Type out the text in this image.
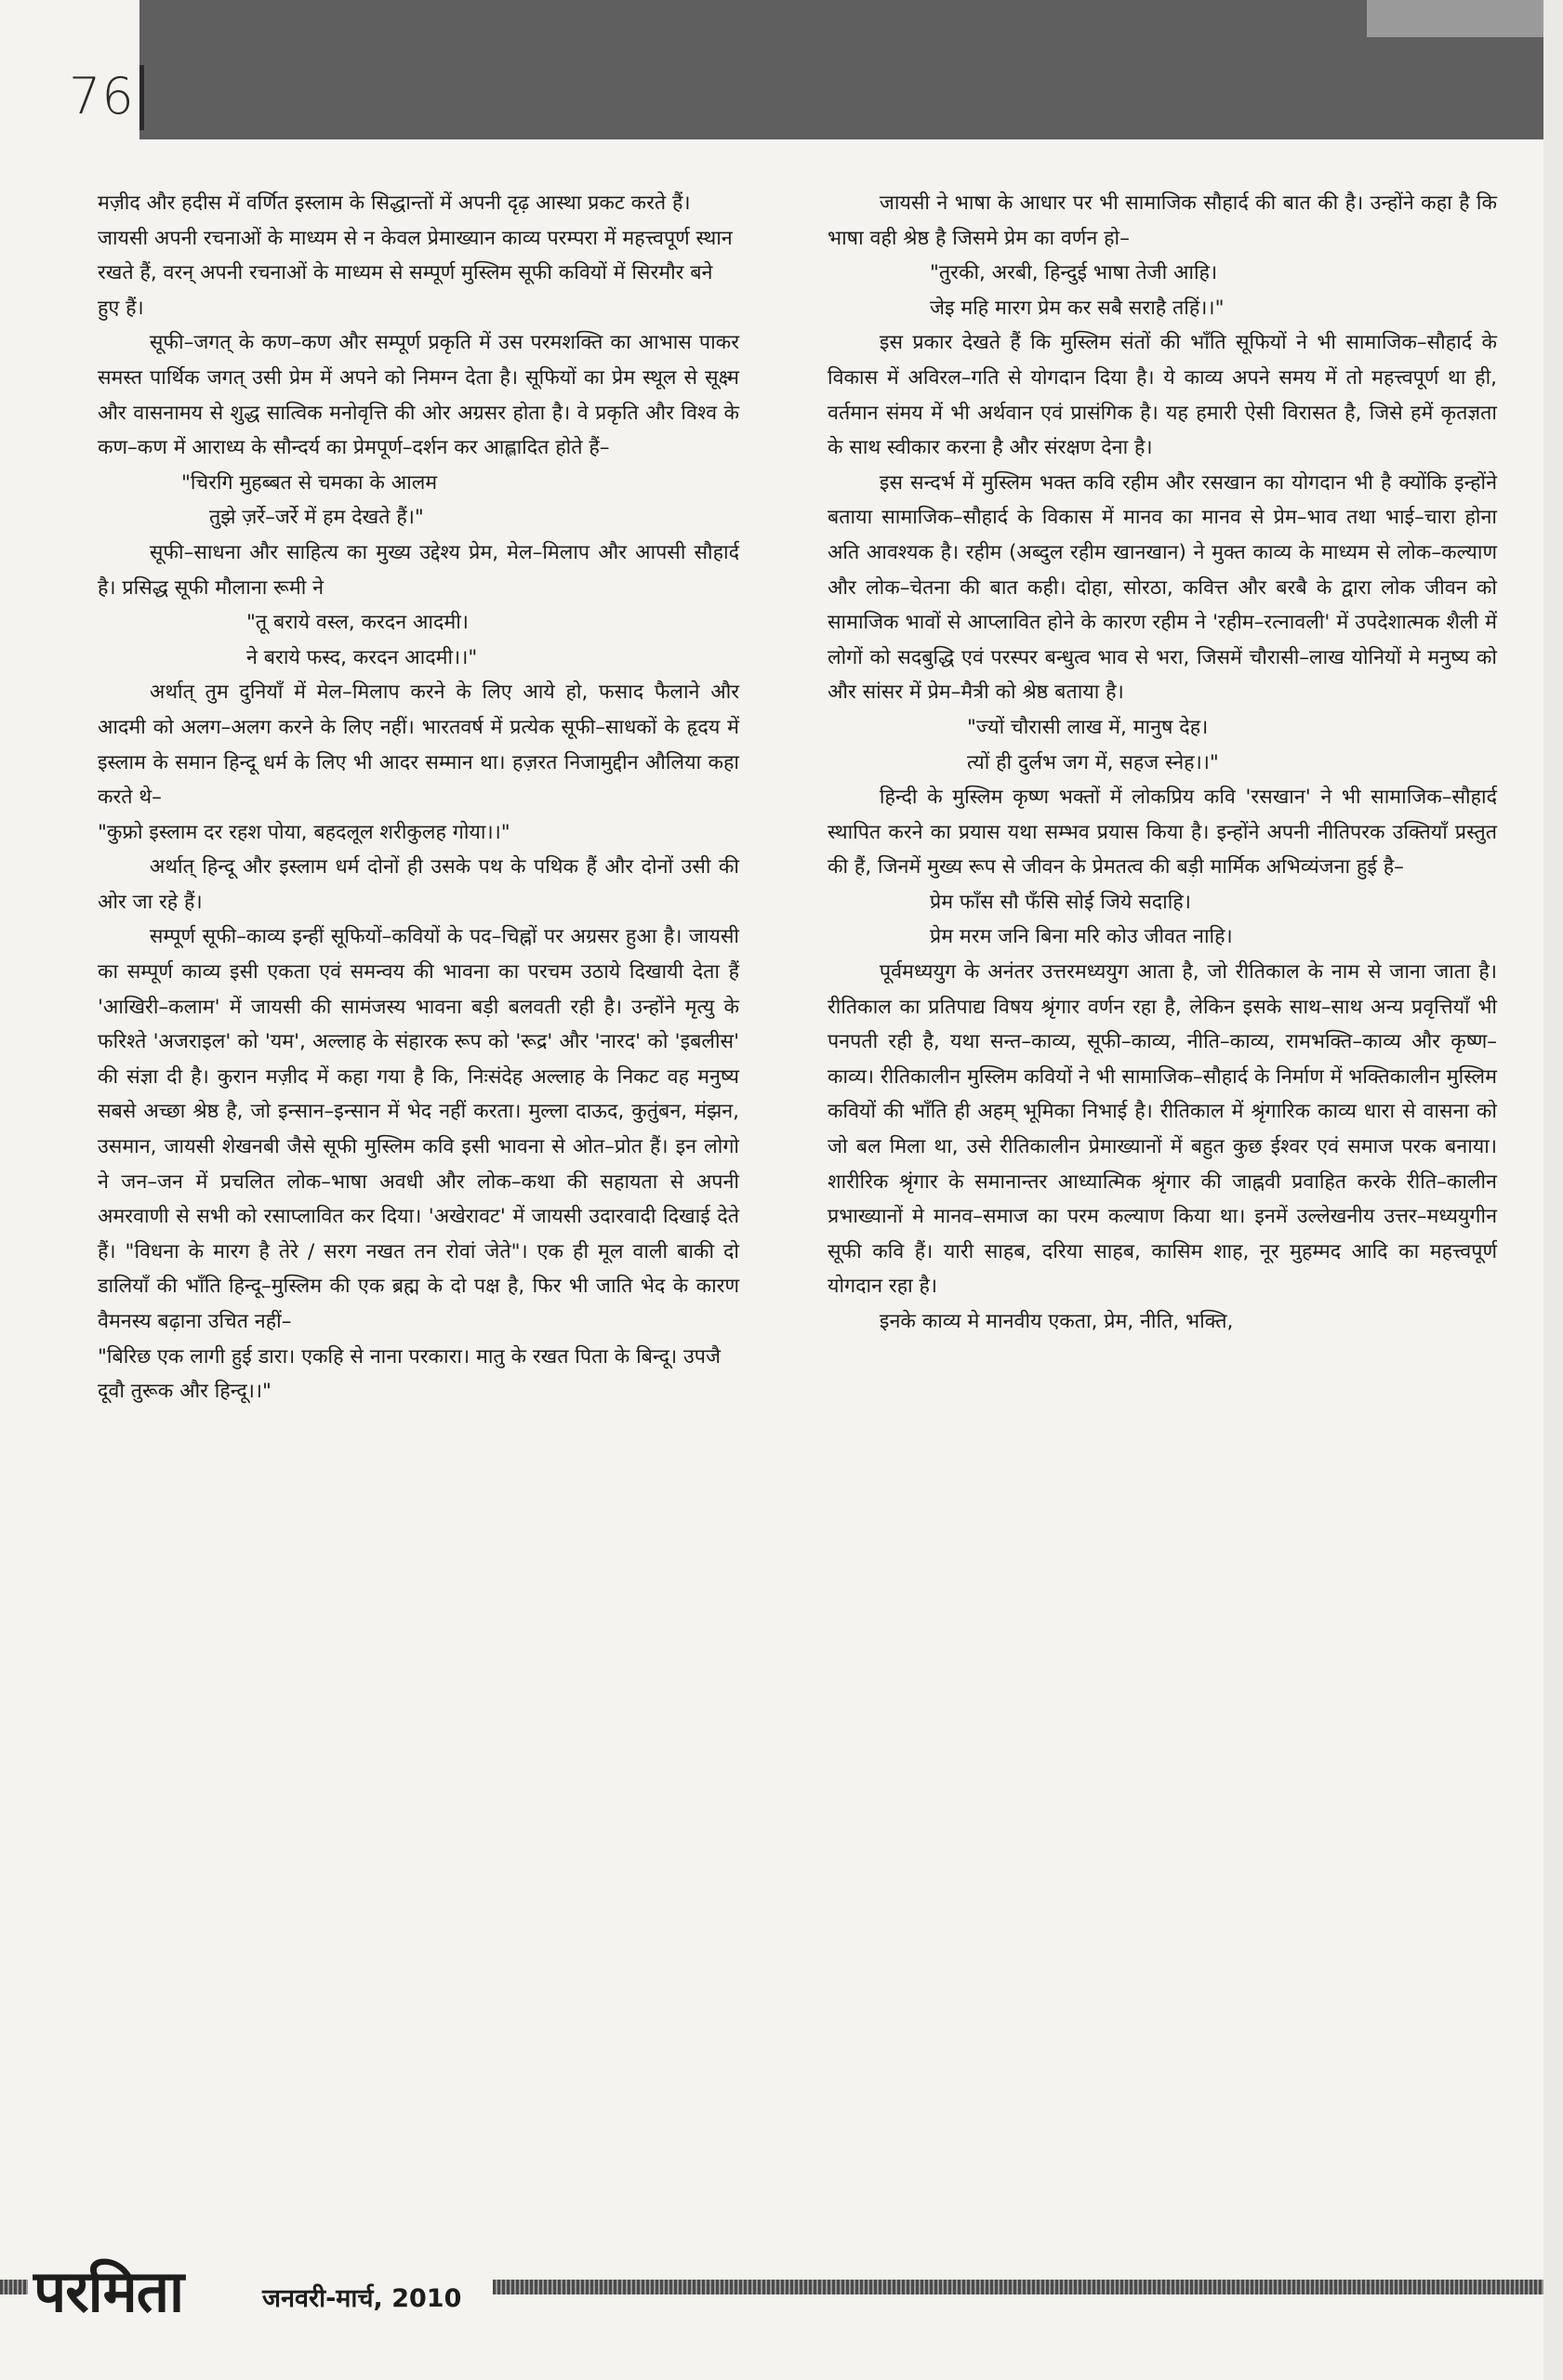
76

मज़ीद और हदीस में वर्णित इस्लाम के सिद्धान्तों में अपनी दृढ़ आस्था प्रकट करते हैं। जायसी अपनी रचनाओं के माध्यम से न केवल प्रेमाख्यान काव्य परम्परा में महत्त्वपूर्ण स्थान रखते हैं, वरन् अपनी रचनाओं के माध्यम से सम्पूर्ण मुस्लिम सूफी कवियों में सिरमौर बने हुए हैं।

सूफी–जगत् के कण–कण और सम्पूर्ण प्रकृति में उस परमशक्ति का आभास पाकर समस्त पार्थिक जगत् उसी प्रेम में अपने को निमग्न देता है। सूफियों का प्रेम स्थूल से सूक्ष्म और वासनामय से शुद्ध सात्विक मनोवृत्ति की ओर अग्रसर होता है। वे प्रकृति और विश्व के कण–कण में आराध्य के सौन्दर्य का प्रेमपूर्ण–दर्शन कर आह्लादित होते हैं–

"चिरगि मुहब्बत से चमका के आलम

तुझे ज़र्रे–जर्रे में हम देखते हैं।"

सूफी–साधना और साहित्य का मुख्य उद्देश्य प्रेम, मेल–मिलाप और आपसी सौहार्द है। प्रसिद्ध सूफी मौलाना रूमी ने

"तू बराये वस्ल, करदन आदमी।

ने बराये फस्द, करदन आदमी।।"

अर्थात् तुम दुनियाँ में मेल–मिलाप करने के लिए आये हो, फसाद फैलाने और आदमी को अलग–अलग करने के लिए नहीं। भारतवर्ष में प्रत्येक सूफी–साधकों के हृदय में इस्लाम के समान हिन्दू धर्म के लिए भी आदर सम्मान था। हज़रत निजामुद्दीन औलिया कहा करते थे–

"कुफ्रो इस्लाम दर रहश पोया, बहदलूल शरीकुलह गोया।।"

अर्थात् हिन्दू और इस्लाम धर्म दोनों ही उसके पथ के पथिक हैं और दोनों उसी की ओर जा रहे हैं।

सम्पूर्ण सूफी–काव्य इन्हीं सूफियों–कवियों के पद–चिह्नों पर अग्रसर हुआ है। जायसी का सम्पूर्ण काव्य इसी एकता एवं समन्वय की भावना का परचम उठाये दिखायी देता हैं 'आखिरी–कलाम' में जायसी की सामंजस्य भावना बड़ी बलवती रही है। उन्होंने मृत्यु के फरिश्ते 'अजराइल' को 'यम', अल्लाह के संहारक रूप को 'रूद्र' और 'नारद' को 'इबलीस' की संज्ञा दी है। कुरान मज़ीद में कहा गया है कि, निःसंदेह अल्लाह के निकट वह मनुष्य सबसे अच्छा श्रेष्ठ है, जो इन्सान–इन्सान में भेद नहीं करता। मुल्ला दाऊद, कुतुंबन, मंझन, उसमान, जायसी शेखनबी जैसे सूफी मुस्लिम कवि इसी भावना से ओत–प्रोत हैं। इन लोगो ने जन–जन में प्रचलित लोक–भाषा अवधी और लोक–कथा की सहायता से अपनी अमरवाणी से सभी को रसाप्लावित कर दिया। 'अखेरावट' में जायसी उदारवादी दिखाई देते हैं। "विधना के मारग है तेरे / सरग नखत तन रोवां जेते"। एक ही मूल वाली बाकी दो डालियाँ की भाँति हिन्दू–मुस्लिम की एक ब्रह्म के दो पक्ष है, फिर भी जाति भेद के कारण वैमनस्य बढ़ाना उचित नहीं–

"बिरिछ एक लागी हुई डारा। एकहि से नाना परकारा। मातु के रखत पिता के बिन्दू। उपजै दूवौ तुरूक और हिन्दू।।"

जायसी ने भाषा के आधार पर भी सामाजिक सौहार्द की बात की है। उन्होंने कहा है कि भाषा वही श्रेष्ठ है जिसमे प्रेम का वर्णन हो–

"तुरकी, अरबी, हिन्दुई भाषा तेजी आहि।

जेइ महि मारग प्रेम कर सबै सराहै तहिं।।"

इस प्रकार देखते हैं कि मुस्लिम संतों की भाँति सूफियों ने भी सामाजिक–सौहार्द के विकास में अविरल–गति से योगदान दिया है। ये काव्य अपने समय में तो महत्त्वपूर्ण था ही, वर्तमान संमय में भी अर्थवान एवं प्रासंगिक है। यह हमारी ऐसी विरासत है, जिसे हमें कृतज्ञता के साथ स्वीकार करना है और संरक्षण देना है।

इस सन्दर्भ में मुस्लिम भक्त कवि रहीम और रसखान का योगदान भी है क्योंकि इन्होंने बताया सामाजिक–सौहार्द के विकास में मानव का मानव से प्रेम–भाव तथा भाई–चारा होना अति आवश्यक है। रहीम (अब्दुल रहीम खानखान) ने मुक्त काव्य के माध्यम से लोक–कल्याण और लोक–चेतना की बात कही। दोहा, सोरठा, कवित्त और बरबै के द्वारा लोक जीवन को सामाजिक भावों से आप्लावित होने के कारण रहीम ने 'रहीम–रत्नावली' में उपदेशात्मक शैली में लोगों को सदबुद्धि एवं परस्पर बन्धुत्व भाव से भरा, जिसमें चौरासी–लाख योनियों मे मनुष्य को और सांसर में प्रेम–मैत्री को श्रेष्ठ बताया है।

"ज्यों चौरासी लाख में, मानुष देह।

त्यों ही दुर्लभ जग में, सहज स्नेह।।"

हिन्दी के मुस्लिम कृष्ण भक्तों में लोकप्रिय कवि 'रसखान' ने भी सामाजिक–सौहार्द स्थापित करने का प्रयास यथा सम्भव प्रयास किया है। इन्होंने अपनी नीतिपरक उक्तियाँ प्रस्तुत की हैं, जिनमें मुख्य रूप से जीवन के प्रेमतत्व की बड़ी मार्मिक अभिव्यंजना हुई है–

प्रेम फाँस सौ फँसि सोई जिये सदाहि।

प्रेम मरम जनि बिना मरि कोउ जीवत नाहि।

पूर्वमध्ययुग के अनंतर उत्तरमध्ययुग आता है, जो रीतिकाल के नाम से जाना जाता है। रीतिकाल का प्रतिपाद्य विषय श्रृंगार वर्णन रहा है, लेकिन इसके साथ–साथ अन्य प्रवृत्तियाँ भी पनपती रही है, यथा सन्त–काव्य, सूफी–काव्य, नीति–काव्य, रामभक्ति–काव्य और कृष्ण–काव्य। रीतिकालीन मुस्लिम कवियों ने भी सामाजिक–सौहार्द के निर्माण में भक्तिकालीन मुस्लिम कवियों की भाँति ही अहम् भूमिका निभाई है। रीतिकाल में श्रृंगारिक काव्य धारा से वासना को जो बल मिला था, उसे रीतिकालीन प्रेमाख्यानों में बहुत कुछ ईश्वर एवं समाज परक बनाया। शारीरिक श्रृंगार के समानान्तर आध्यात्मिक श्रृंगार की जाह्नवी प्रवाहित करके रीति–कालीन प्रभाख्यानों मे मानव–समाज का परम कल्याण किया था। इनमें उल्लेखनीय उत्तर–मध्ययुगीन सूफी कवि हैं। यारी साहब, दरिया साहब, कासिम शाह, नूर मुहम्मद आदि का महत्त्वपूर्ण योगदान रहा है।

इनके काव्य मे मानवीय एकता, प्रेम, नीति, भक्ति,

परमिता	जनवरी-मार्च, 2010
